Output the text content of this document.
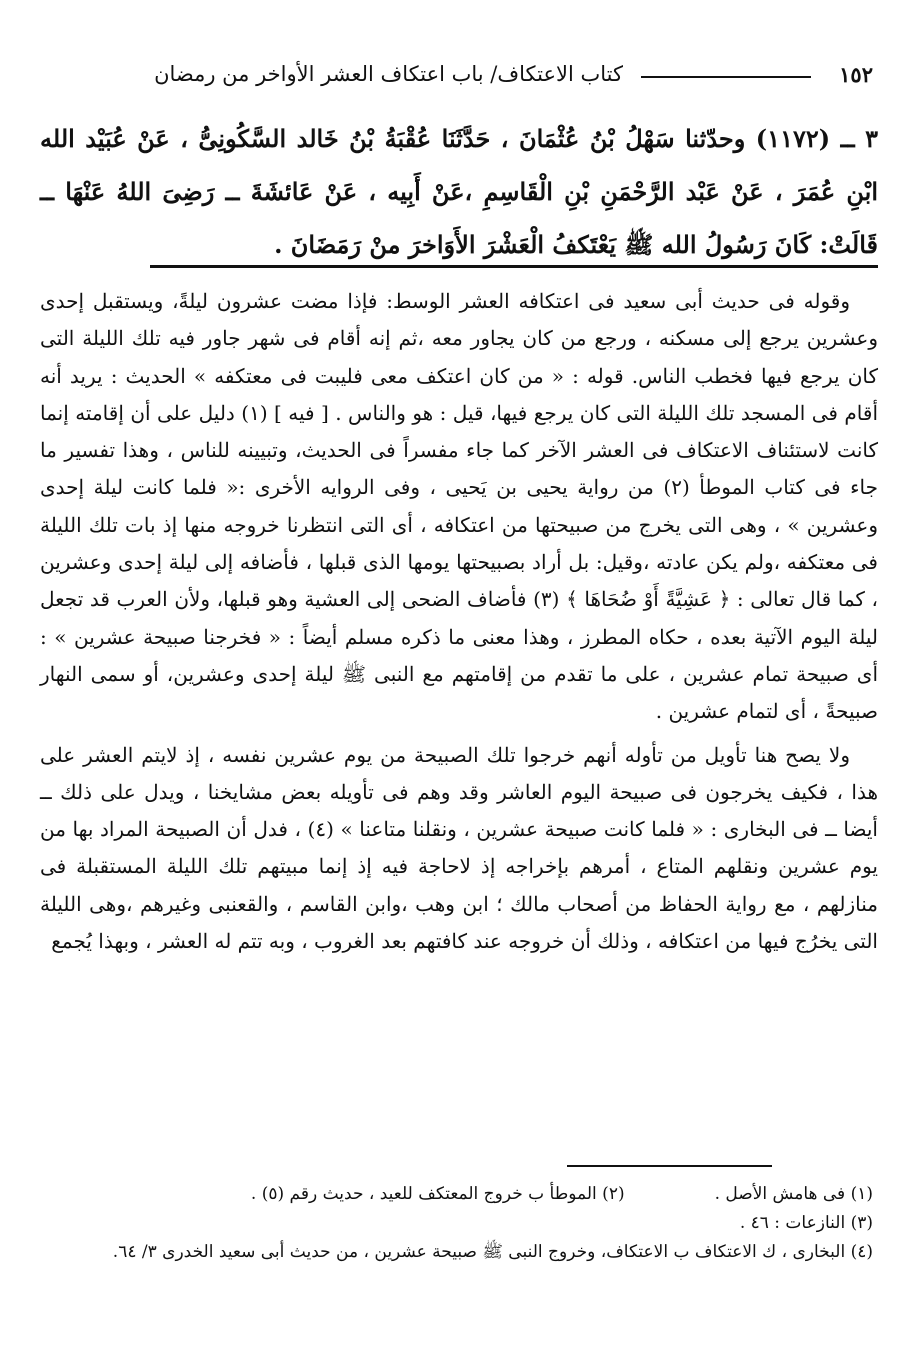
١٥٢
كتاب الاعتكاف/ باب اعتكاف العشر الأواخر من رمضان
٣ ــ (١١٧٢) وحدّثنا سَهْلُ بْنُ عُثْمَانَ ، حَدَّثَنَا عُقْبَةُ بْنُ خَالد السَّكُونِىُّ ، عَنْ عُبَيْد الله ابْنِ عُمَرَ ، عَنْ عَبْد الرَّحْمَنِ بْنِ الْقَاسِمِ ،عَنْ أَبِيه ، عَنْ عَائشَةَ ــ رَضِىَ اللهُ عَنْهَا ــ قَالَتْ: كَانَ رَسُولُ الله ﷺ يَعْتَكفُ الْعَشْرَ الأَوَاخرَ منْ رَمَضَانَ .

وقوله فى حديث أبى سعيد فى اعتكافه العشر الوسط: فإذا مضت عشرون ليلةً، ويستقبل إحدى وعشرين يرجع إلى مسكنه ، ورجع من كان يجاور معه ،ثم إنه أقام فى شهر جاور فيه تلك الليلة التى كان يرجع فيها فخطب الناس. قوله : « من كان اعتكف معى فليبت فى معتكفه » الحديث : يريد أنه أقام فى المسجد تلك الليلة التى كان يرجع فيها، قيل : هو والناس . [ فيه ] (١) دليل على أن إقامته إنما كانت لاستئناف الاعتكاف فى العشر الآخر كما جاء مفسراً فى الحديث، وتبيينه للناس ، وهذا تفسير ما جاء فى كتاب الموطأ (٢) من رواية يحيى بن يَحيى ، وفى الروايه الأخرى :« فلما كانت ليلة إحدى وعشرين » ، وهى التى يخرج من صبيحتها من اعتكافه ، أى التى انتظرنا خروجه منها إذ بات تلك الليلة فى معتكفه ،ولم يكن عادته ،وقيل: بل أراد بصبيحتها يومها الذى قبلها ، فأضافه إلى ليلة إحدى وعشرين ، كما قال تعالى : ﴿ عَشِيَّةً أَوْ ضُحَاهَا ﴾ (٣) فأضاف الضحى إلى العشية وهو قبلها، ولأن العرب قد تجعل ليلة اليوم الآتية بعده ، حكاه المطرز ، وهذا معنى ما ذكره مسلم أيضاً : « فخرجنا صبيحة عشرين » : أى صبيحة تمام عشرين ، على ما تقدم من إقامتهم مع النبى ﷺ ليلة إحدى وعشرين، أو سمى النهار صبيحةً ، أى لتمام عشرين .

ولا يصح هنا تأويل من تأوله أنهم خرجوا تلك الصبيحة من يوم عشرين نفسه ، إذ لايتم العشر على هذا ، فكيف يخرجون فى صبيحة اليوم العاشر وقد وهم فى تأويله بعض مشايخنا ، ويدل على ذلك ــ أيضا ــ فى البخارى : « فلما كانت صبيحة عشرين ، ونقلنا متاعنا » (٤) ، فدل أن الصبيحة المراد بها من يوم عشرين ونقلهم المتاع ، أمرهم بإخراجه إذ لاحاجة فيه إذ إنما مبيتهم تلك الليلة المستقبلة فى منازلهم ، مع رواية الحفاظ من أصحاب مالك ؛ ابن وهب ،وابن القاسم ، والقعنبى وغيرهم ،وهى الليلة التى يخرُج فيها من اعتكافه ، وذلك أن خروجه عند كافتهم بعد الغروب ، وبه تتم له العشر ، وبهذا يُجمع

(١) فى هامش الأصل .
(٢) الموطأ ب خروج المعتكف للعيد ، حديث رقم (٥) .
(٣) النازعات : ٤٦ .
(٤) البخارى ، ك الاعتكاف ب الاعتكاف، وخروج النبى ﷺ صبيحة عشرين ، من حديث أبى سعيد الخدرى ٣/ ٦٤.
